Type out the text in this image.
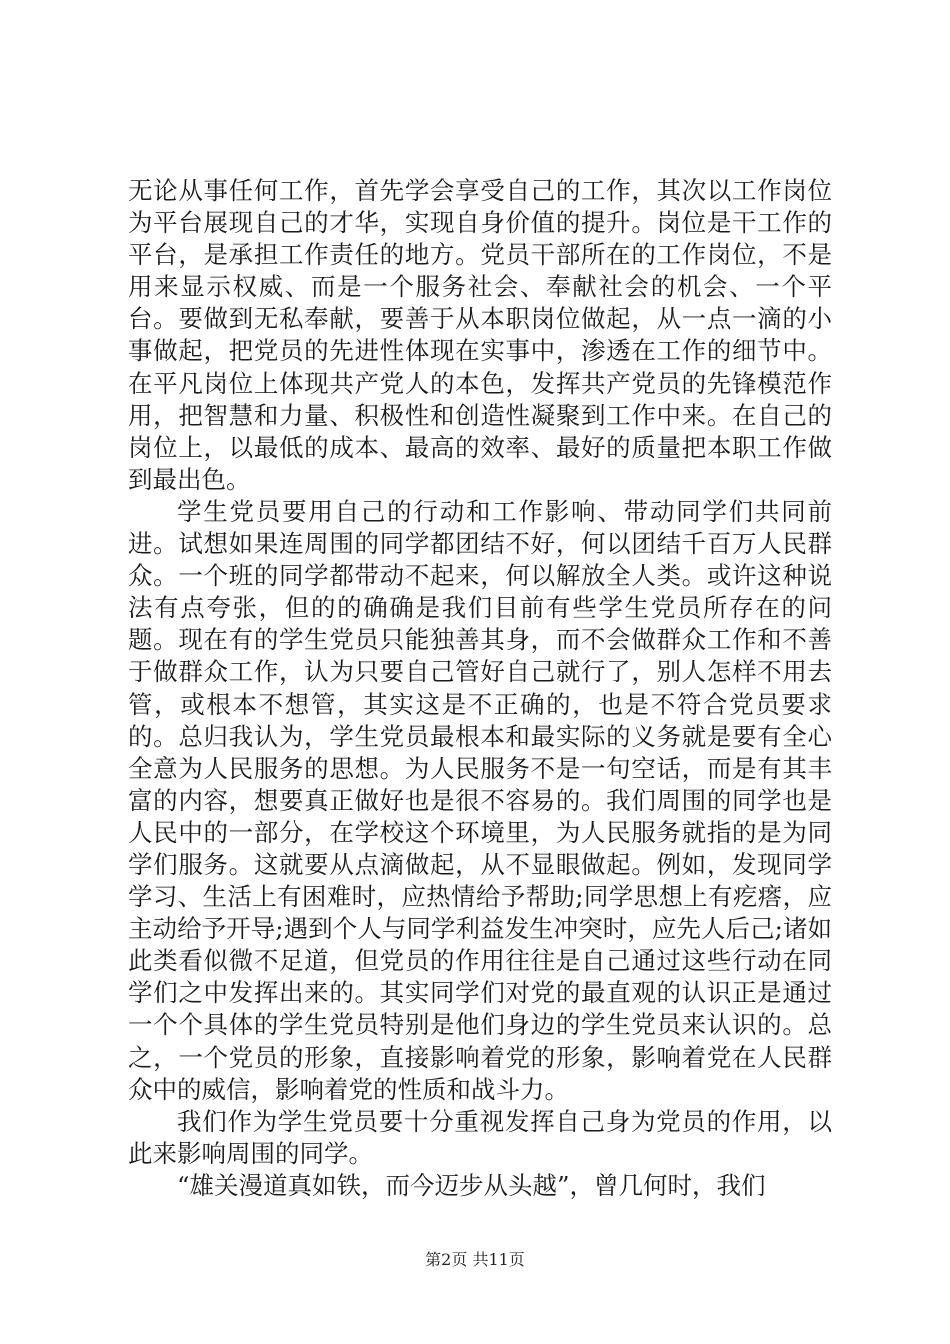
无论从事任何工作，首先学会享受自己的工作，其次以工作岗位为平台展现自己的才华，实现自身价值的提升。岗位是干工作的平台，是承担工作责任的地方。党员干部所在的工作岗位，不是用来显示权威、而是一个服务社会、奉献社会的机会、一个平台。要做到无私奉献，要善于从本职岗位做起，从一点一滴的小事做起，把党员的先进性体现在实事中，渗透在工作的细节中。在平凡岗位上体现共产党人的本色，发挥共产党员的先锋模范作用，把智慧和力量、积极性和创造性凝聚到工作中来。在自己的岗位上，以最低的成本、最高的效率、最好的质量把本职工作做到最出色。

学生党员要用自己的行动和工作影响、带动同学们共同前进。试想如果连周围的同学都团结不好，何以团结千百万人民群众。一个班的同学都带动不起来，何以解放全人类。或许这种说法有点夸张，但的的确确是我们目前有些学生党员所存在的问题。现在有的学生党员只能独善其身，而不会做群众工作和不善于做群众工作，认为只要自己管好自己就行了，别人怎样不用去管，或根本不想管，其实这是不正确的，也是不符合党员要求的。总归我认为，学生党员最根本和最实际的义务就是要有全心全意为人民服务的思想。为人民服务不是一句空话，而是有其丰富的内容，想要真正做好也是很不容易的。我们周围的同学也是人民中的一部分，在学校这个环境里，为人民服务就指的是为同学们服务。这就要从点滴做起，从不显眼做起。例如，发现同学学习、生活上有困难时，应热情给予帮助;同学思想上有疙瘩，应主动给予开导;遇到个人与同学利益发生冲突时，应先人后己;诸如此类看似微不足道，但党员的作用往往是自己通过这些行动在同学们之中发挥出来的。其实同学们对党的最直观的认识正是通过一个个具体的学生党员特别是他们身边的学生党员来认识的。总之，一个党员的形象，直接影响着党的形象，影响着党在人民群众中的威信，影响着党的性质和战斗力。

我们作为学生党员要十分重视发挥自己身为党员的作用，以此来影响周围的同学。

“雄关漫道真如铁，而今迈步从头越”，曾几何时，我们

第2页 共11页
